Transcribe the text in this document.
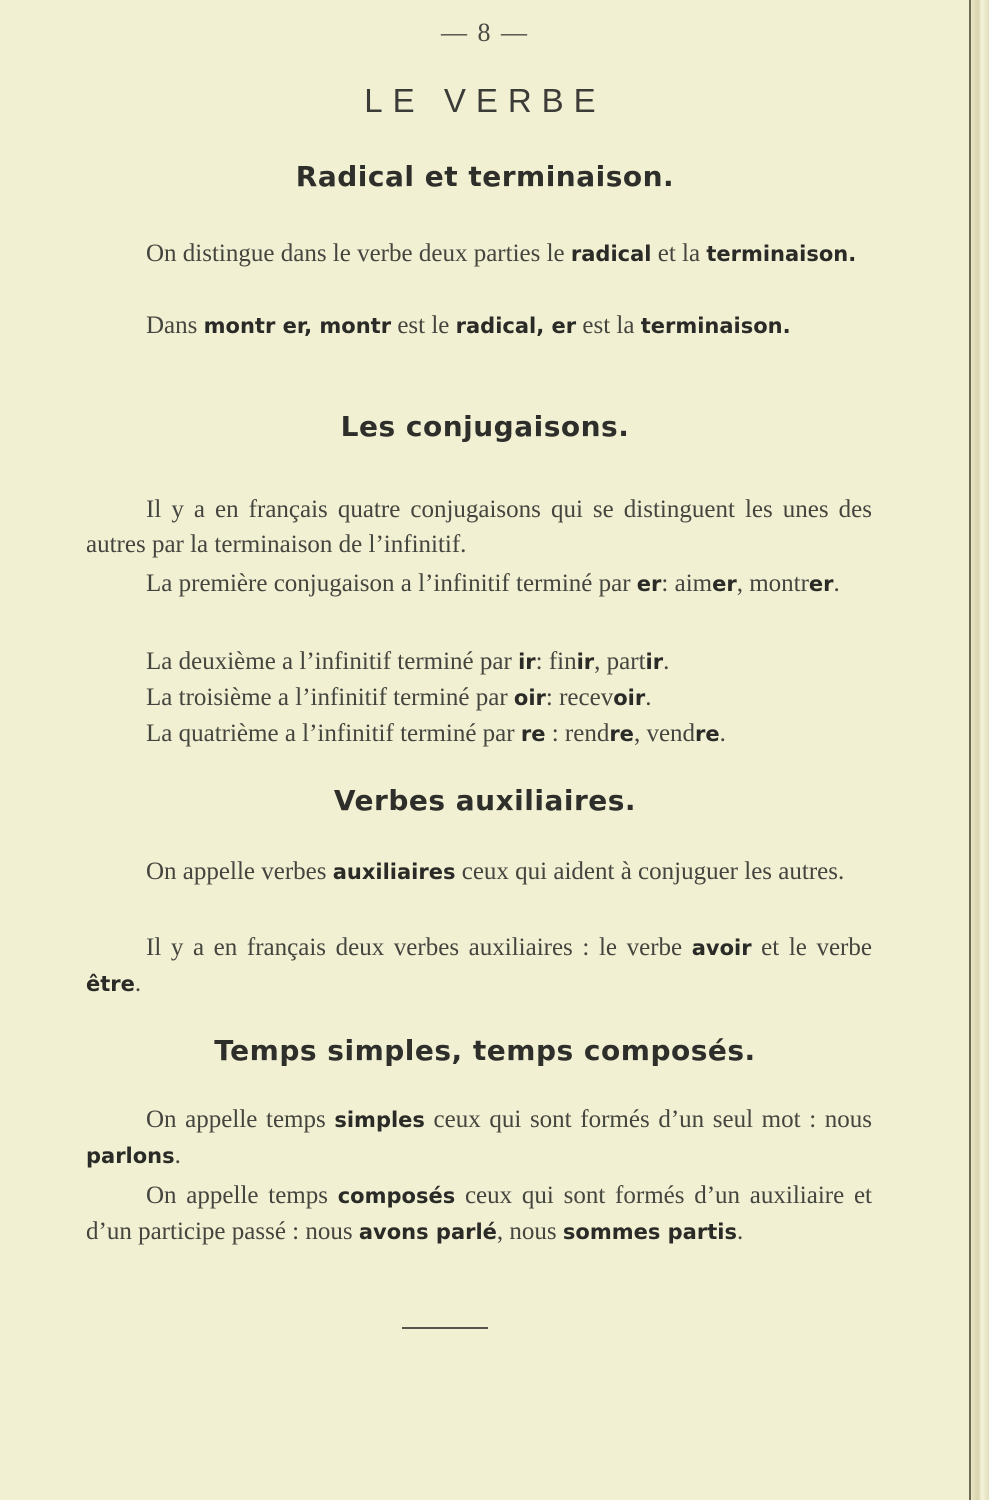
— 8 —
LE VERBE
Radical et terminaison.

On distingue dans le verbe deux parties le radical et la terminaison.

Dans montr er, montr est le radical, er est la terminaison.

Les conjugaisons.

Il y a en français quatre conjugaisons qui se distinguent les unes des autres par la terminaison de l’infinitif.

La première conjugaison a l’infinitif terminé par er: aimer, montrer.

La deuxième a l’infinitif terminé par ir: finir, partir.

La troisième a l’infinitif terminé par oir: recevoir.

La quatrième a l’infinitif terminé par re : rendre, vendre.

Verbes auxiliaires.

On appelle verbes auxiliaires ceux qui aident à conjuguer les autres.

Il y a en français deux verbes auxiliaires : le verbe avoir et le verbe être.

Temps simples, temps composés.

On appelle temps simples ceux qui sont formés d’un seul mot : nous parlons.

On appelle temps composés ceux qui sont formés d’un auxiliaire et d’un participe passé : nous avons parlé, nous sommes partis.
